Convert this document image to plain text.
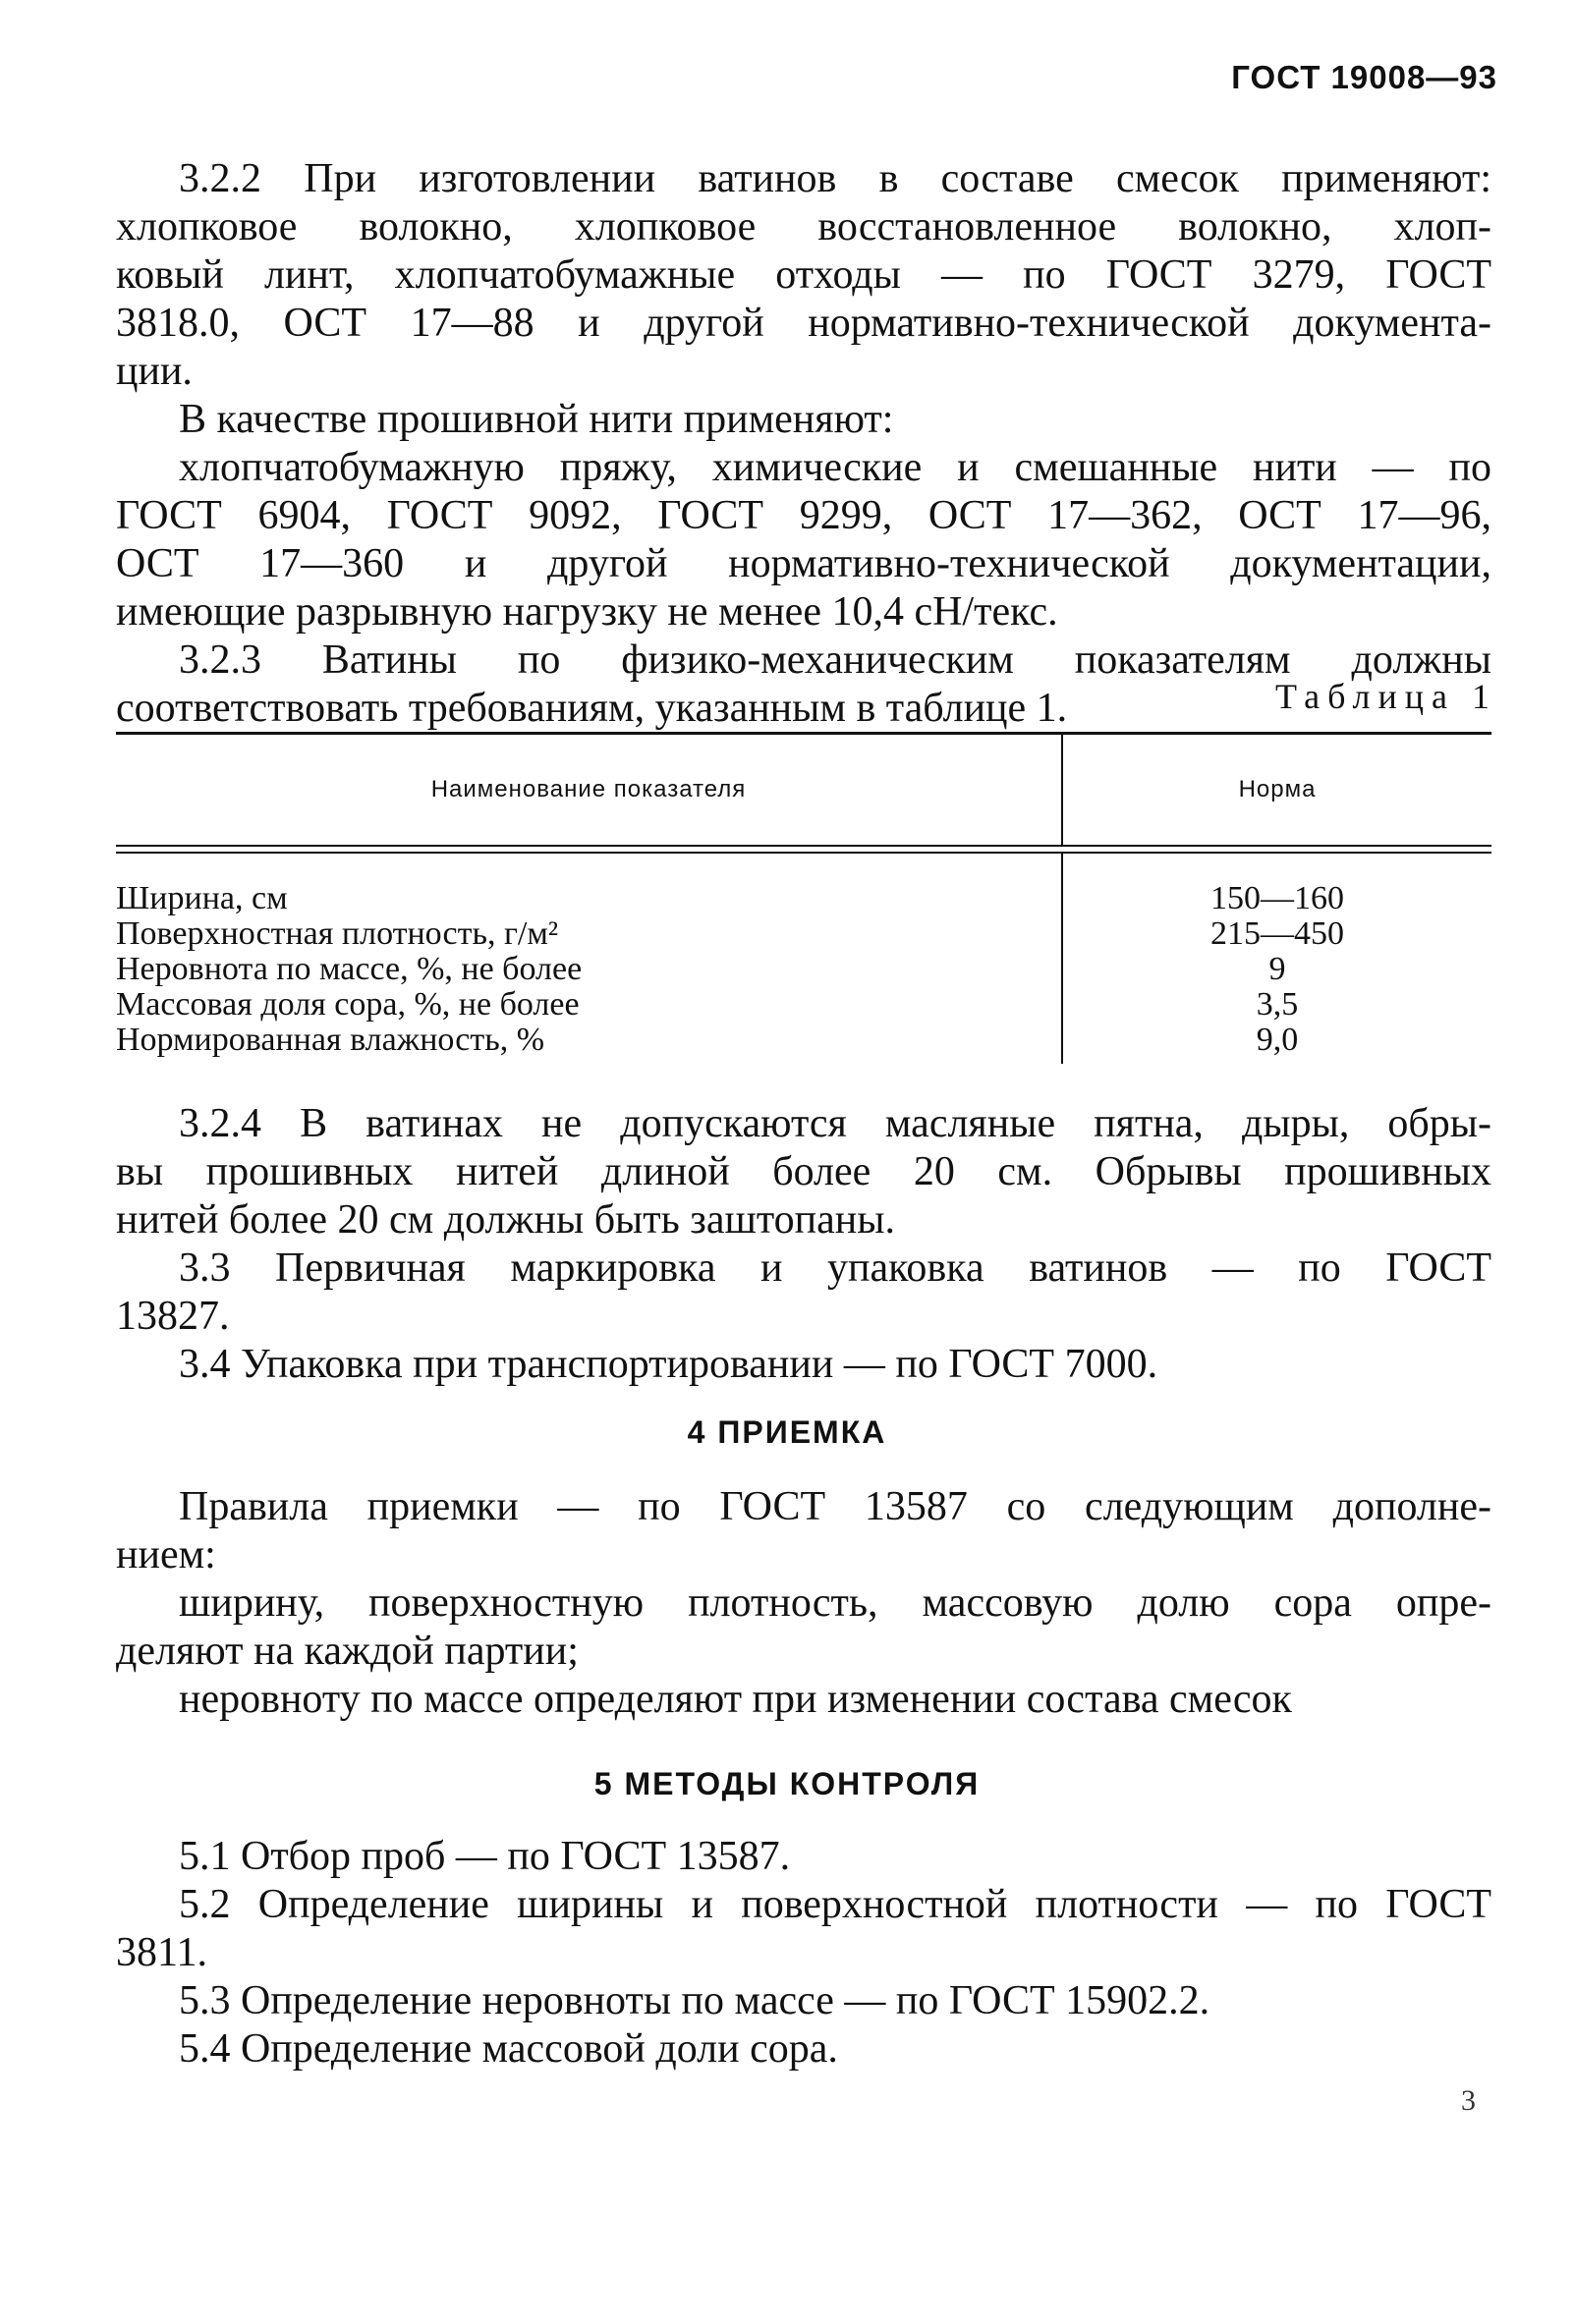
ГОСТ 19008—93
3.2.2 При изготовлении ватинов в составе смесок применяют:
хлопковое волокно, хлопковое восстановленное волокно, хлоп-
ковый линт, хлопчатобумажные отходы — по ГОСТ 3279, ГОСТ
3818.0, ОСТ 17—88 и другой нормативно-технической документа-
ции.
В качестве прошивной нити применяют:
хлопчатобумажную пряжу, химические и смешанные нити — по
ГОСТ 6904, ГОСТ 9092, ГОСТ 9299, ОСТ 17—362, ОСТ 17—96,
ОСТ 17—360 и другой нормативно-технической документации,
имеющие разрывную нагрузку не менее 10,4 сН/текс.
3.2.3 Ватины по физико-механическим показателям должны
соответствовать требованиям, указанным в таблице 1.	Таблица 1
Наименование показателя	Норма
Ширина, см
Поверхностная плотность, г/м²
Неровнота по массе, %, не более
Массовая доля сора, %, не более
Нормированная влажность, %
150—160
215—450
9
3,5
9,0
3.2.4 В ватинах не допускаются масляные пятна, дыры, обры-
вы прошивных нитей длиной более 20 см. Обрывы прошивных
нитей более 20 см должны быть заштопаны.
3.3 Первичная маркировка и упаковка ватинов — по ГОСТ
13827.
3.4 Упаковка при транспортировании — по ГОСТ 7000.
4 ПРИЕМКА
Правила приемки — по ГОСТ 13587 со следующим дополне-
нием:
ширину, поверхностную плотность, массовую долю сора опре-
деляют на каждой партии;
неровноту по массе определяют при изменении состава смесок
5 МЕТОДЫ КОНТРОЛЯ
5.1 Отбор проб — по ГОСТ 13587.
5.2 Определение ширины и поверхностной плотности — по ГОСТ
3811.
5.3 Определение неровноты по массе — по ГОСТ 15902.2.
5.4 Определение массовой доли сора.
3
